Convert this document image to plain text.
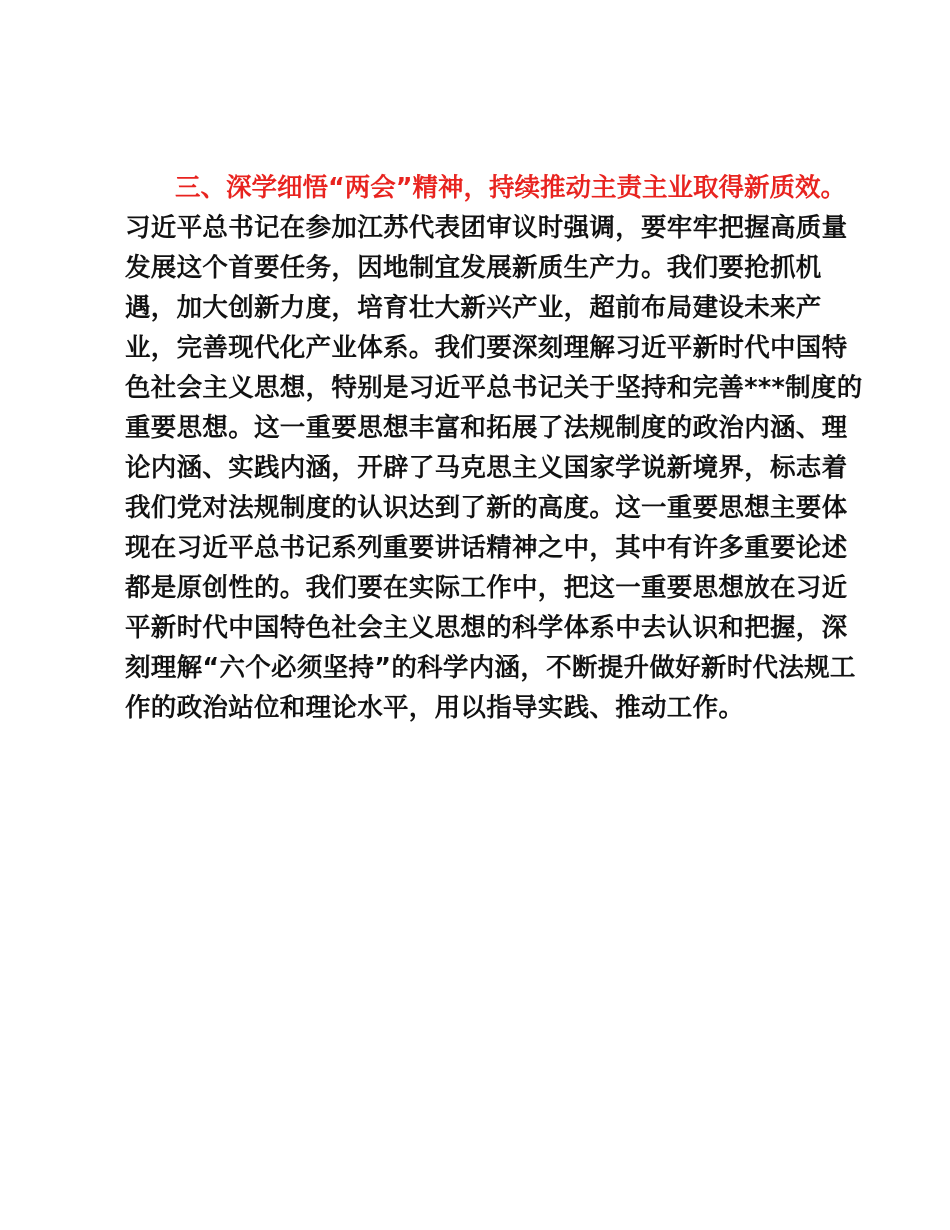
三、深学细悟“两会”精神，持续推动主责主业取得新质效。
习近平总书记在参加江苏代表团审议时强调，要牢牢把握高质量
发展这个首要任务，因地制宜发展新质生产力。我们要抢抓机
遇，加大创新力度，培育壮大新兴产业，超前布局建设未来产
业，完善现代化产业体系。我们要深刻理解习近平新时代中国特
色社会主义思想，特别是习近平总书记关于坚持和完善***制度的
重要思想。这一重要思想丰富和拓展了法规制度的政治内涵、理
论内涵、实践内涵，开辟了马克思主义国家学说新境界，标志着
我们党对法规制度的认识达到了新的高度。这一重要思想主要体
现在习近平总书记系列重要讲话精神之中，其中有许多重要论述
都是原创性的。我们要在实际工作中，把这一重要思想放在习近
平新时代中国特色社会主义思想的科学体系中去认识和把握，深
刻理解“六个必须坚持”的科学内涵，不断提升做好新时代法规工
作的政治站位和理论水平，用以指导实践、推动工作。
